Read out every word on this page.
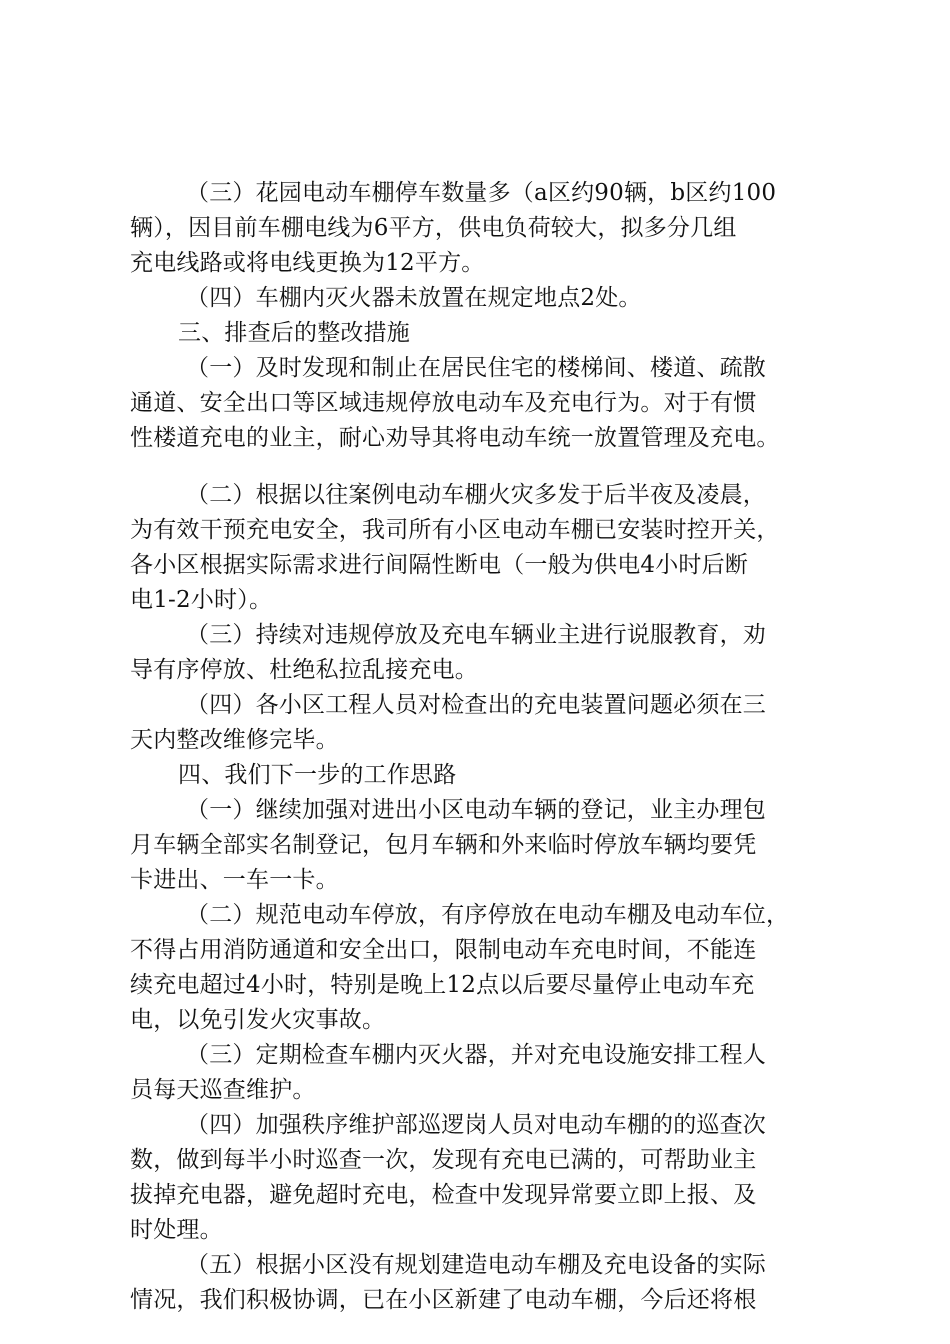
（三）花园电动车棚停车数量多（a区约90辆，b区约100
辆），因目前车棚电线为6平方，供电负荷较大，拟多分几组
充电线路或将电线更换为12平方。
（四）车棚内灭火器未放置在规定地点2处。
三、排查后的整改措施
（一）及时发现和制止在居民住宅的楼梯间、楼道、疏散
通道、安全出口等区域违规停放电动车及充电行为。对于有惯
性楼道充电的业主，耐心劝导其将电动车统一放置管理及充电。
（二）根据以往案例电动车棚火灾多发于后半夜及凌晨，
为有效干预充电安全，我司所有小区电动车棚已安装时控开关，
各小区根据实际需求进行间隔性断电（一般为供电4小时后断
电1-2小时）。
（三）持续对违规停放及充电车辆业主进行说服教育，劝
导有序停放、杜绝私拉乱接充电。
（四）各小区工程人员对检查出的充电装置问题必须在三
天内整改维修完毕。
四、我们下一步的工作思路
（一）继续加强对进出小区电动车辆的登记，业主办理包
月车辆全部实名制登记，包月车辆和外来临时停放车辆均要凭
卡进出、一车一卡。
（二）规范电动车停放，有序停放在电动车棚及电动车位，
不得占用消防通道和安全出口，限制电动车充电时间，不能连
续充电超过4小时，特别是晚上12点以后要尽量停止电动车充
电，以免引发火灾事故。
（三）定期检查车棚内灭火器，并对充电设施安排工程人
员每天巡查维护。
（四）加强秩序维护部巡逻岗人员对电动车棚的的巡查次
数，做到每半小时巡查一次，发现有充电已满的，可帮助业主
拔掉充电器，避免超时充电，检查中发现异常要立即上报、及
时处理。
（五）根据小区没有规划建造电动车棚及充电设备的实际
情况，我们积极协调，已在小区新建了电动车棚，今后还将根
